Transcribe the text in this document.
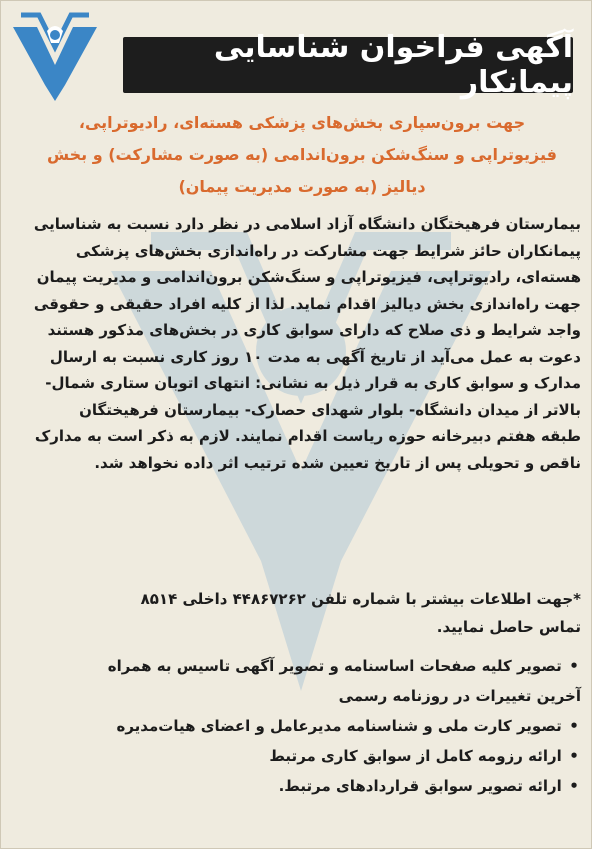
آگهی فراخوان شناسایی پیمانکار
جهت برون‌سپاری بخش‌های پزشکی هسته‌ای، رادیوتراپی،
فیزیوتراپی و سنگ‌شکن برون‌اندامی (به صورت مشارکت) و بخش
دیالیز (به صورت مدیریت پیمان)

بیمارستان فرهیختگان دانشگاه آزاد اسلامی در نظر دارد نسبت به شناسایی

پیمانکاران حائز شرایط جهت مشارکت در راه‌اندازی بخش‌های پزشکی

هسته‌ای، رادیوتراپی، فیزیوتراپی و سنگ‌شکن برون‌اندامی و مدیریت پیمان

جهت راه‌اندازی بخش دیالیز اقدام نماید. لذا از کلیه افراد حقیقی و حقوقی

واجد شرایط و ذی صلاح که دارای سوابق کاری در بخش‌های مذکور هستند

دعوت به عمل می‌آید از تاریخ آگهی به مدت ۱۰ روز کاری نسبت به ارسال

مدارک و سوابق کاری به قرار ذیل به نشانی: انتهای اتوبان ستاری شمال-

بالاتر از میدان دانشگاه- بلوار شهدای حصارک- بیمارستان فرهیختگان

طبقه هفتم دبیرخانه حوزه ریاست اقدام نمایند. لازم به ذکر است به مدارک

ناقص و تحویلی پس از تاریخ تعیین شده ترتیب اثر داده نخواهد شد.

*جهت اطلاعات بیشتر با شماره تلفن ۴۴۸۶۷۲۶۲ داخلی ۸۵۱۴

تماس حاصل نمایید.

• تصویر کلیه صفحات اساسنامه و تصویر آگهی تاسیس به همراه
آخرین تغییرات در روزنامه رسمی
• تصویر کارت ملی و شناسنامه مدیرعامل و اعضای هیات‌مدیره
• ارائه رزومه کامل از سوابق کاری مرتبط
• ارائه تصویر سوابق قراردادهای مرتبط.
